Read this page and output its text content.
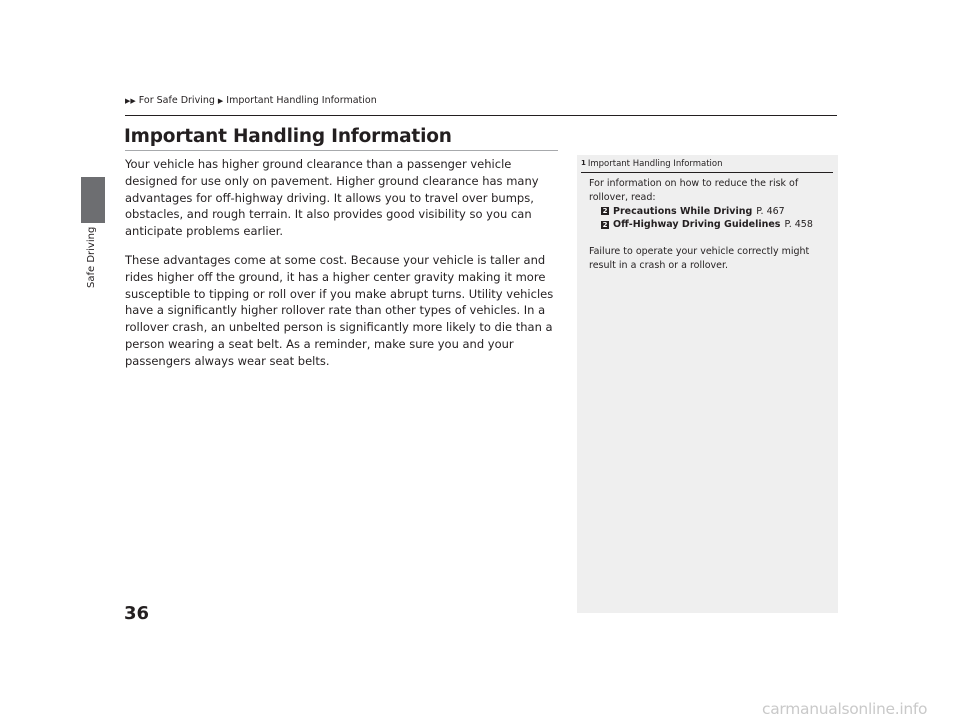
Safe Driving
▶▶ For Safe Driving ▶ Important Handling Information
Important Handling Information

Your vehicle has higher ground clearance than a passenger vehicle designed for use only on pavement. Higher ground clearance has many advantages for off-highway driving. It allows you to travel over bumps, obstacles, and rough terrain. It also provides good visibility so you can anticipate problems earlier.

These advantages come at some cost. Because your vehicle is taller and rides higher off the ground, it has a higher center gravity making it more susceptible to tipping or roll over if you make abrupt turns. Utility vehicles have a significantly higher rollover rate than other types of vehicles. In a rollover crash, an unbelted person is significantly more likely to die than a person wearing a seat belt. As a reminder, make sure you and your passengers always wear seat belts.

1 Important Handling Information

For information on how to reduce the risk of rollover, read:

2 Precautions While Driving P. 467
2 Off-Highway Driving Guidelines P. 458

Failure to operate your vehicle correctly might result in a crash or a rollover.

36
carmanualsonline.info
